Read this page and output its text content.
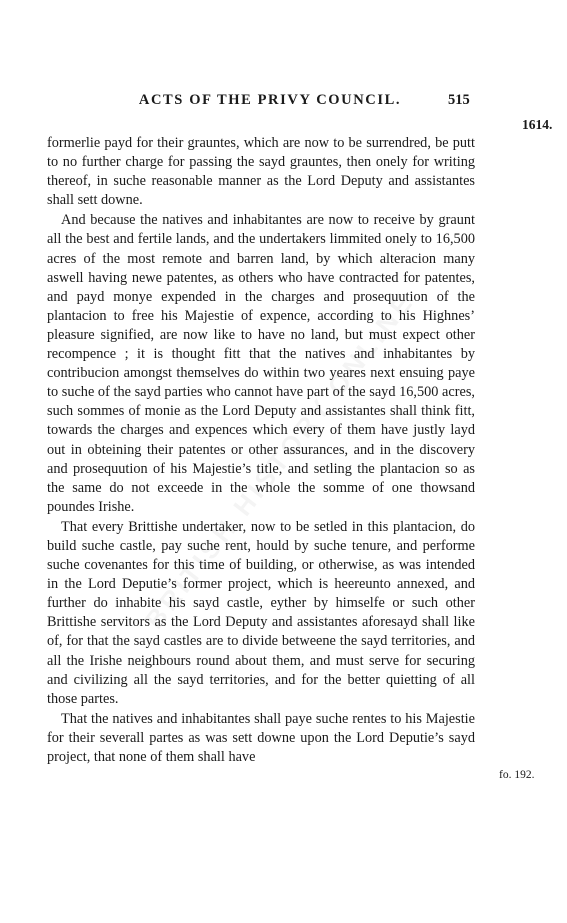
ACTS OF THE PRIVY COUNCIL.	515
1614.

formerlie payd for their grauntes, which are now to be surrendred, be putt to no further charge for passing the sayd grauntes, then onely for writing thereof, in suche reasonable manner as the Lord Deputy and assistantes shall sett downe.

And because the natives and inhabitantes are now to receive by graunt all the best and fertile lands, and the undertakers limmited onely to 16,500 acres of the most remote and barren land, by which alteracion many aswell having newe patentes, as others who have contracted for patentes, and payd monye expended in the charges and prosequution of the plantacion to free his Majestie of expence, according to his Highnes’ pleasure signified, are now like to have no land, but must expect other recompence ; it is thought fitt that the natives and inhabitantes by contribucion amongst themselves do within two yeares next ensuing paye to suche of the sayd parties who cannot have part of the sayd 16,500 acres, such sommes of monie as the Lord Deputy and assistantes shall think fitt, towards the charges and expences which every of them have justly layd out in obteining their patentes or other assurances, and in the discovery and prosequution of his Majestie’s title, and setling the plantacion so as the same do not exceede in the whole the somme of one thowsand poundes Irishe.

That every Brittishe undertaker, now to be setled in this plantacion, do build suche castle, pay suche rent, hould by suche tenure, and performe suche covenantes for this time of building, or otherwise, as was intended in the Lord Deputie’s former project, which is heereunto annexed, and further do inhabite his sayd castle, eyther by himselfe or such other Brittishe servitors as the Lord Deputy and assistantes aforesayd shall like of, for that the sayd castles are to divide betweene the sayd territories, and all the Irishe neighbours round about them, and must serve for securing and civilizing all the sayd territories, and for the better quietting of all those partes.

That the natives and inhabitantes shall paye suche rentes to his Majestie for their severall partes as was sett downe upon the Lord Deputie’s sayd project, that none of them shall have

fo. 192.
